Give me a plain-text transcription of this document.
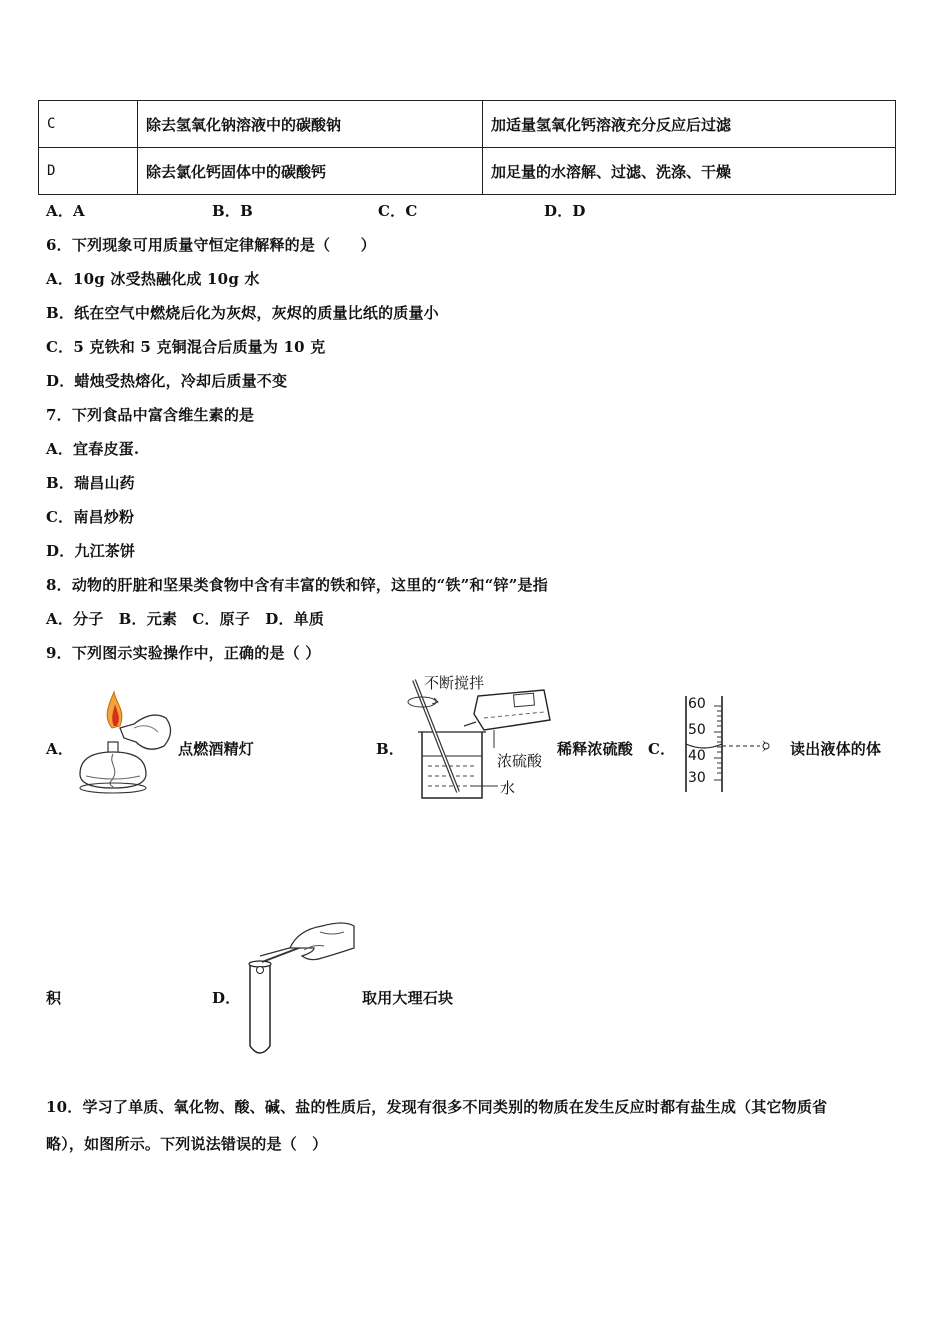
C	除去氢氧化钠溶液中的碳酸钠	加适量氢氧化钙溶液充分反应后过滤
D	除去氯化钙固体中的碳酸钙	加足量的水溶解、过滤、洗涤、干燥
A．A	B．B	C．C	D．D
6．下列现象可用质量守恒定律解释的是（　　）
A．10g 冰受热融化成 10g 水
B．纸在空气中燃烧后化为灰烬，灰烬的质量比纸的质量小
C．5 克铁和 5 克铜混合后质量为 10 克
D．蜡烛受热熔化，冷却后质量不变
7．下列食品中富含维生素的是
A．宜春皮蛋.
B．瑞昌山药
C．南昌炒粉
D．九江茶饼
8．动物的肝脏和坚果类食物中含有丰富的铁和锌，这里的“铁”和“锌”是指
A．分子　B．元素　C．原子　D．单质
9．下列图示实验操作中，正确的是（ ）
A．	点燃酒精灯	B．
不断搅拌
浓硫酸
水
稀释浓硫酸 C．
60
50
40
30
读出液体的体
积	D．	取用大理石块
10．学习了单质、氧化物、酸、碱、盐的性质后，发现有很多不同类别的物质在发生反应时都有盐生成（其它物质省
略），如图所示。下列说法错误的是（　）
